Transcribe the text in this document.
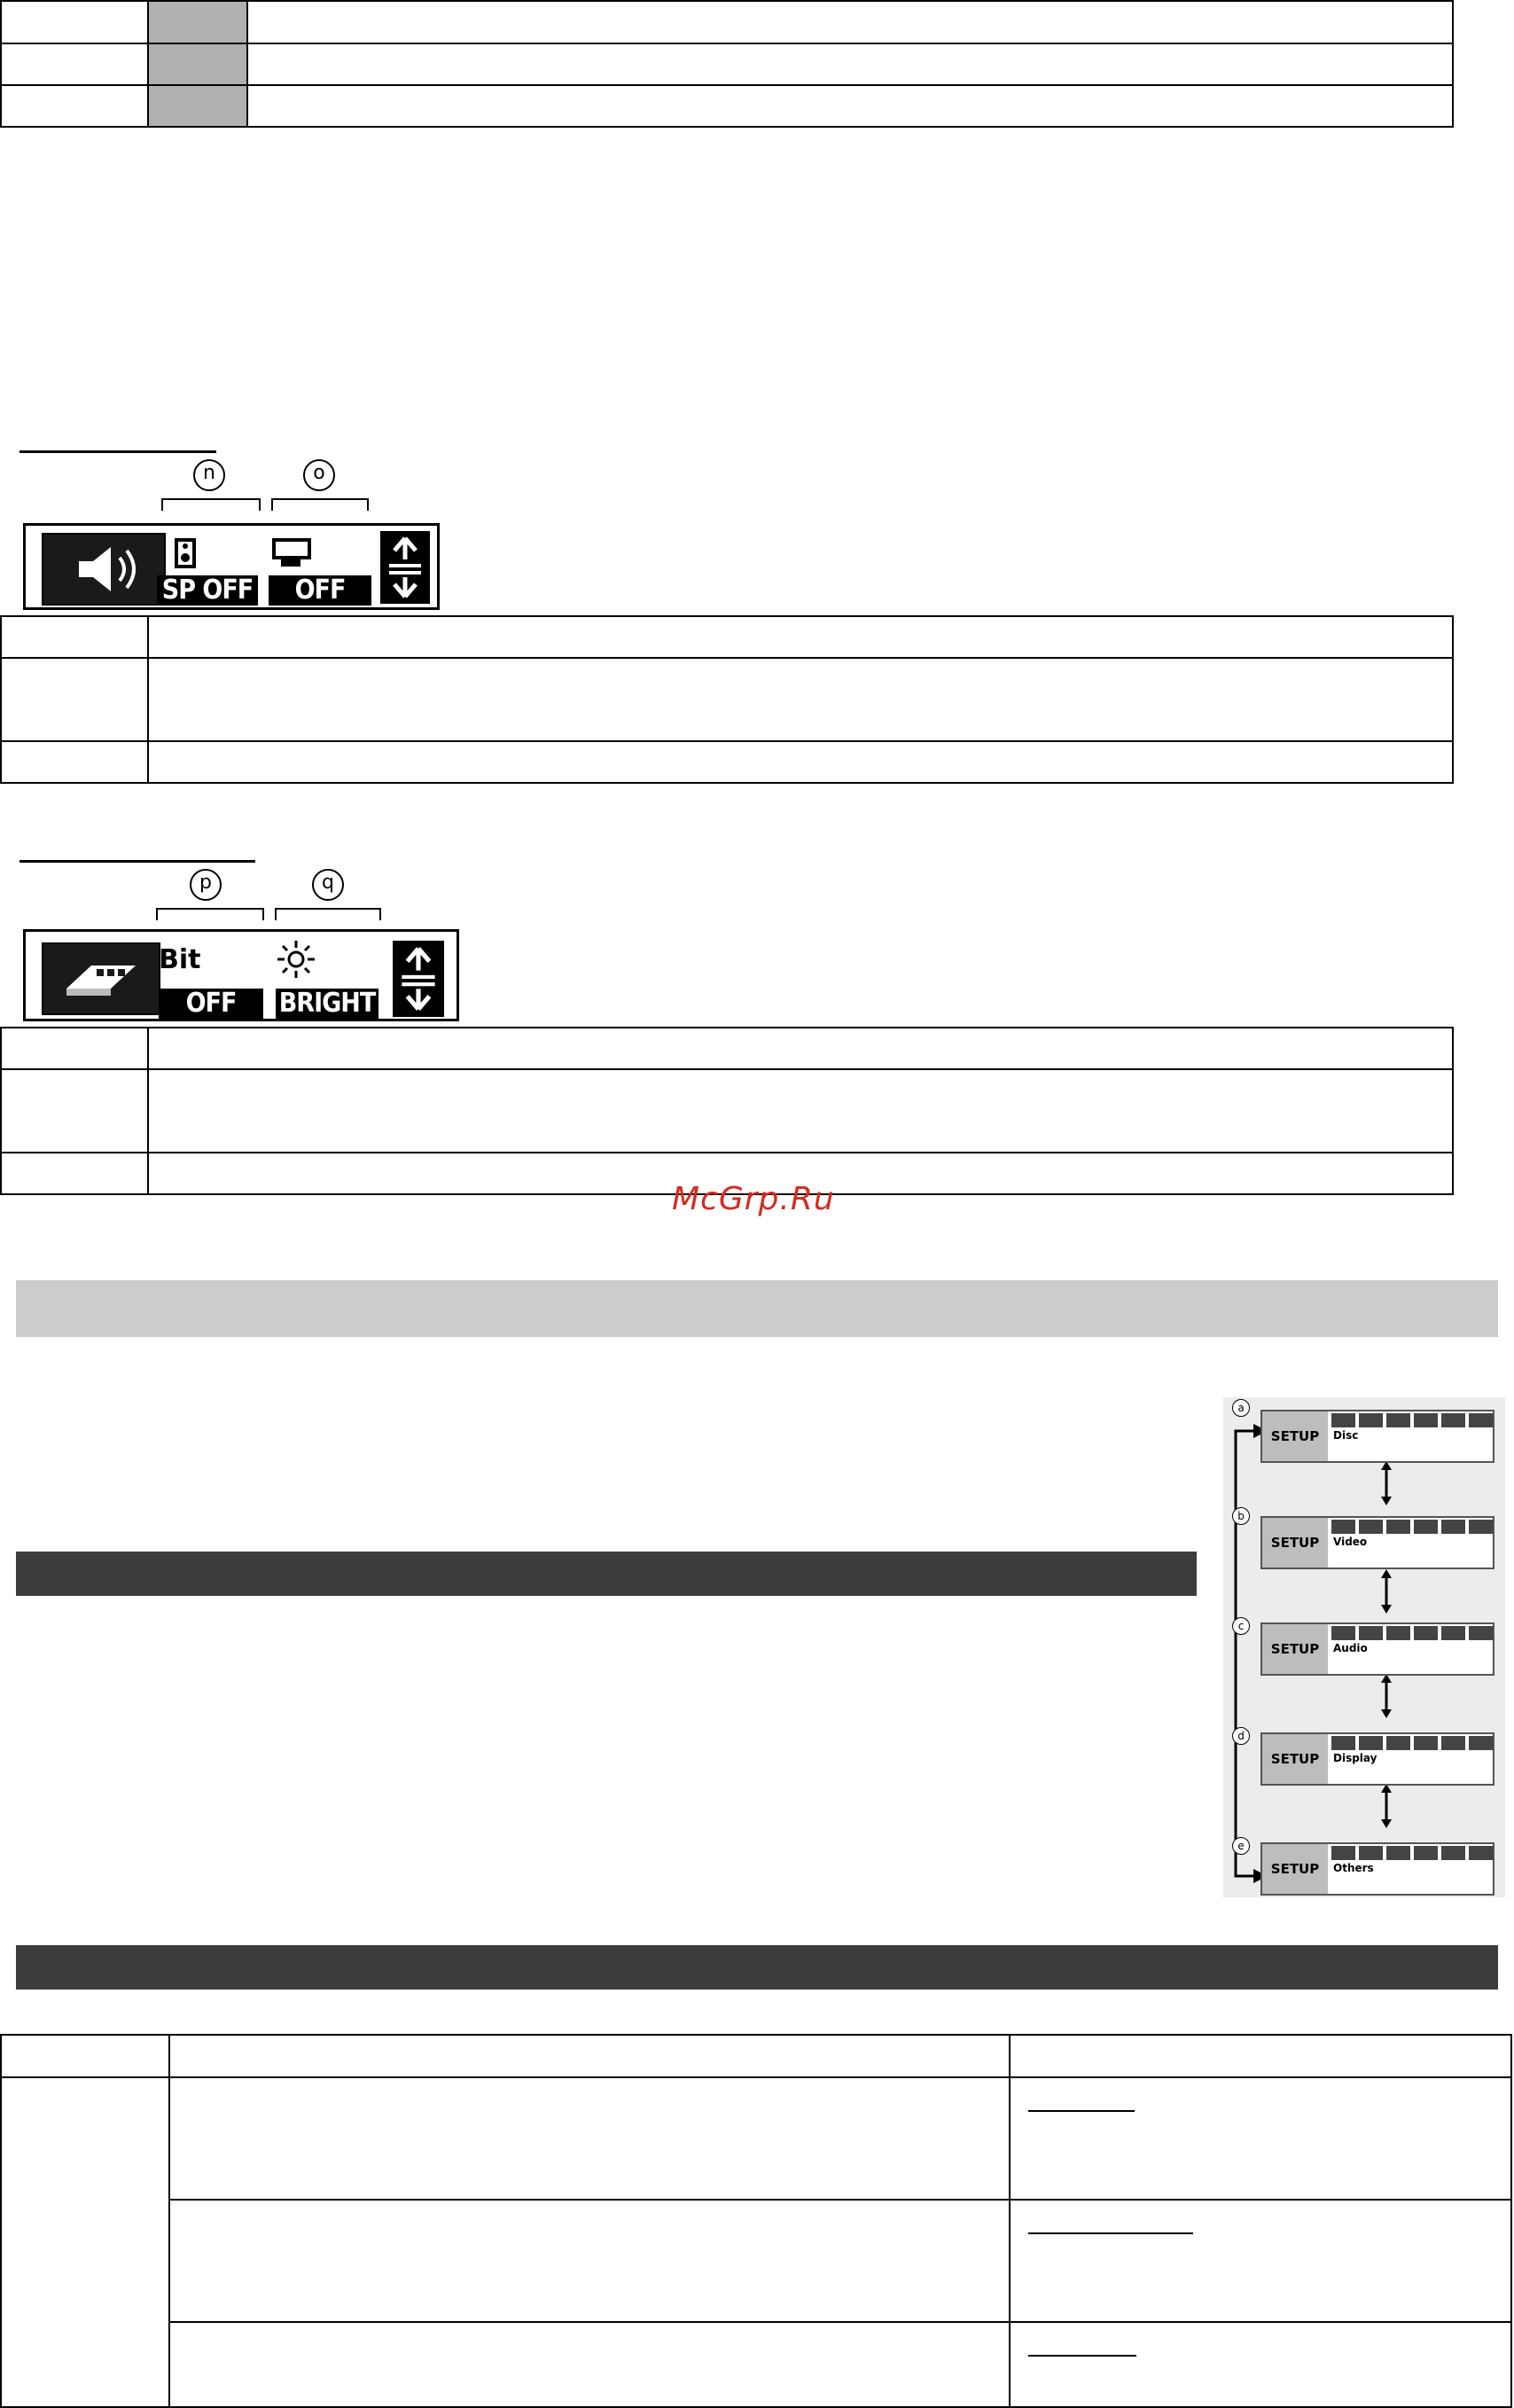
n	o
SP OFF	OFF

p	q
Bit
OFF	BRIGHT

McGrp.Ru
a
SETUP	Disc
b
SETUP	Video
c
SETUP	Audio
d
SETUP	Display
e
SETUP	Others
